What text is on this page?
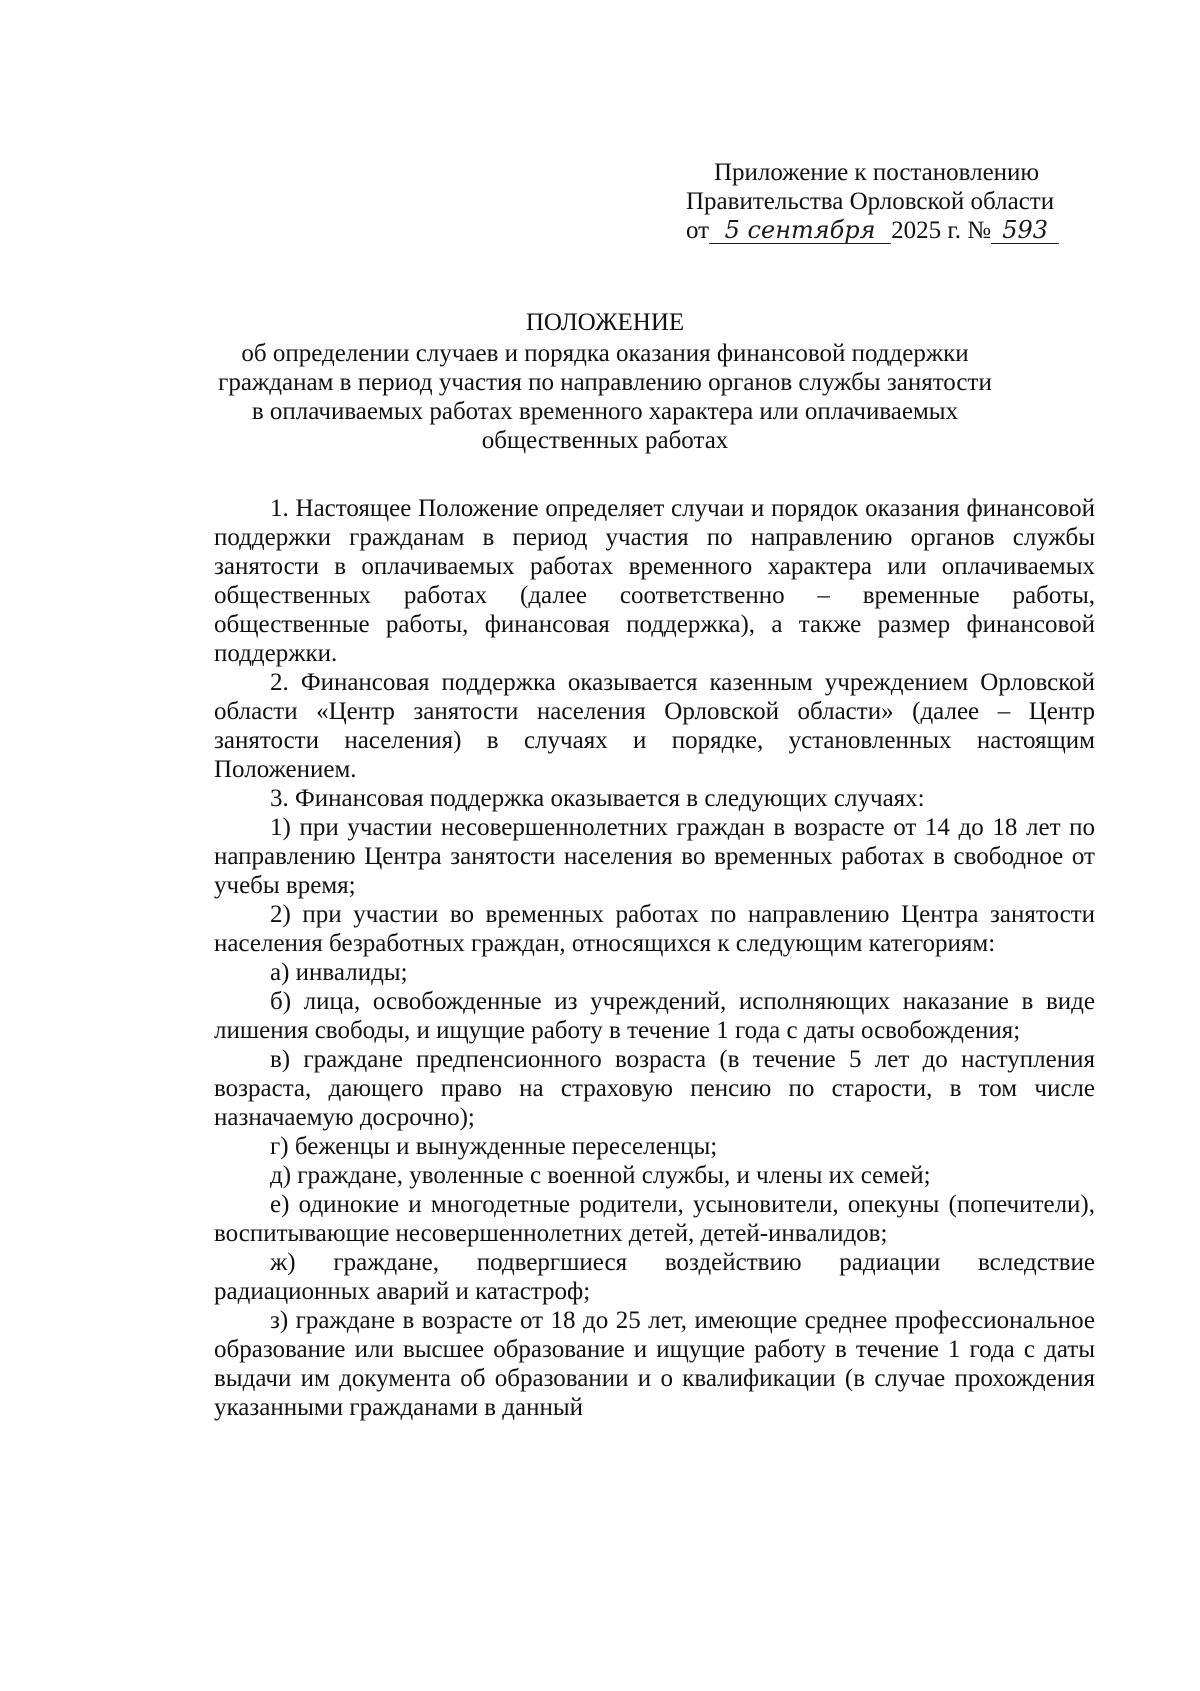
Приложение к постановлению
Правительства Орловской области
от 5 сентября 2025 г. № 593
ПОЛОЖЕНИЕ
об определении случаев и порядка оказания финансовой поддержки
гражданам в период участия по направлению органов службы занятости
в оплачиваемых работах временного характера или оплачиваемых
общественных работах

1. Настоящее Положение определяет случаи и порядок оказания финансовой поддержки гражданам в период участия по направлению органов службы занятости в оплачиваемых работах временного характера или оплачиваемых общественных работах (далее соответственно – временные работы, общественные работы, финансовая поддержка), а также размер финансовой поддержки.

2. Финансовая поддержка оказывается казенным учреждением Орловской области «Центр занятости населения Орловской области» (далее – Центр занятости населения) в случаях и порядке, установленных настоящим Положением.

3. Финансовая поддержка оказывается в следующих случаях:

1) при участии несовершеннолетних граждан в возрасте от 14 до 18 лет по направлению Центра занятости населения во временных работах в свободное от учебы время;

2) при участии во временных работах по направлению Центра занятости населения безработных граждан, относящихся к следующим категориям:

а) инвалиды;

б) лица, освобожденные из учреждений, исполняющих наказание в виде лишения свободы, и ищущие работу в течение 1 года с даты освобождения;

в) граждане предпенсионного возраста (в течение 5 лет до наступления возраста, дающего право на страховую пенсию по старости, в том числе назначаемую досрочно);

г) беженцы и вынужденные переселенцы;

д) граждане, уволенные с военной службы, и члены их семей;

е) одинокие и многодетные родители, усыновители, опекуны (попечители), воспитывающие несовершеннолетних детей, детей-инвалидов;

ж) граждане, подвергшиеся воздействию радиации вследствие радиационных аварий и катастроф;

з) граждане в возрасте от 18 до 25 лет, имеющие среднее профессиональное образование или высшее образование и ищущие работу в течение 1 года с даты выдачи им документа об образовании и о квалификации (в случае прохождения указанными гражданами в данный
